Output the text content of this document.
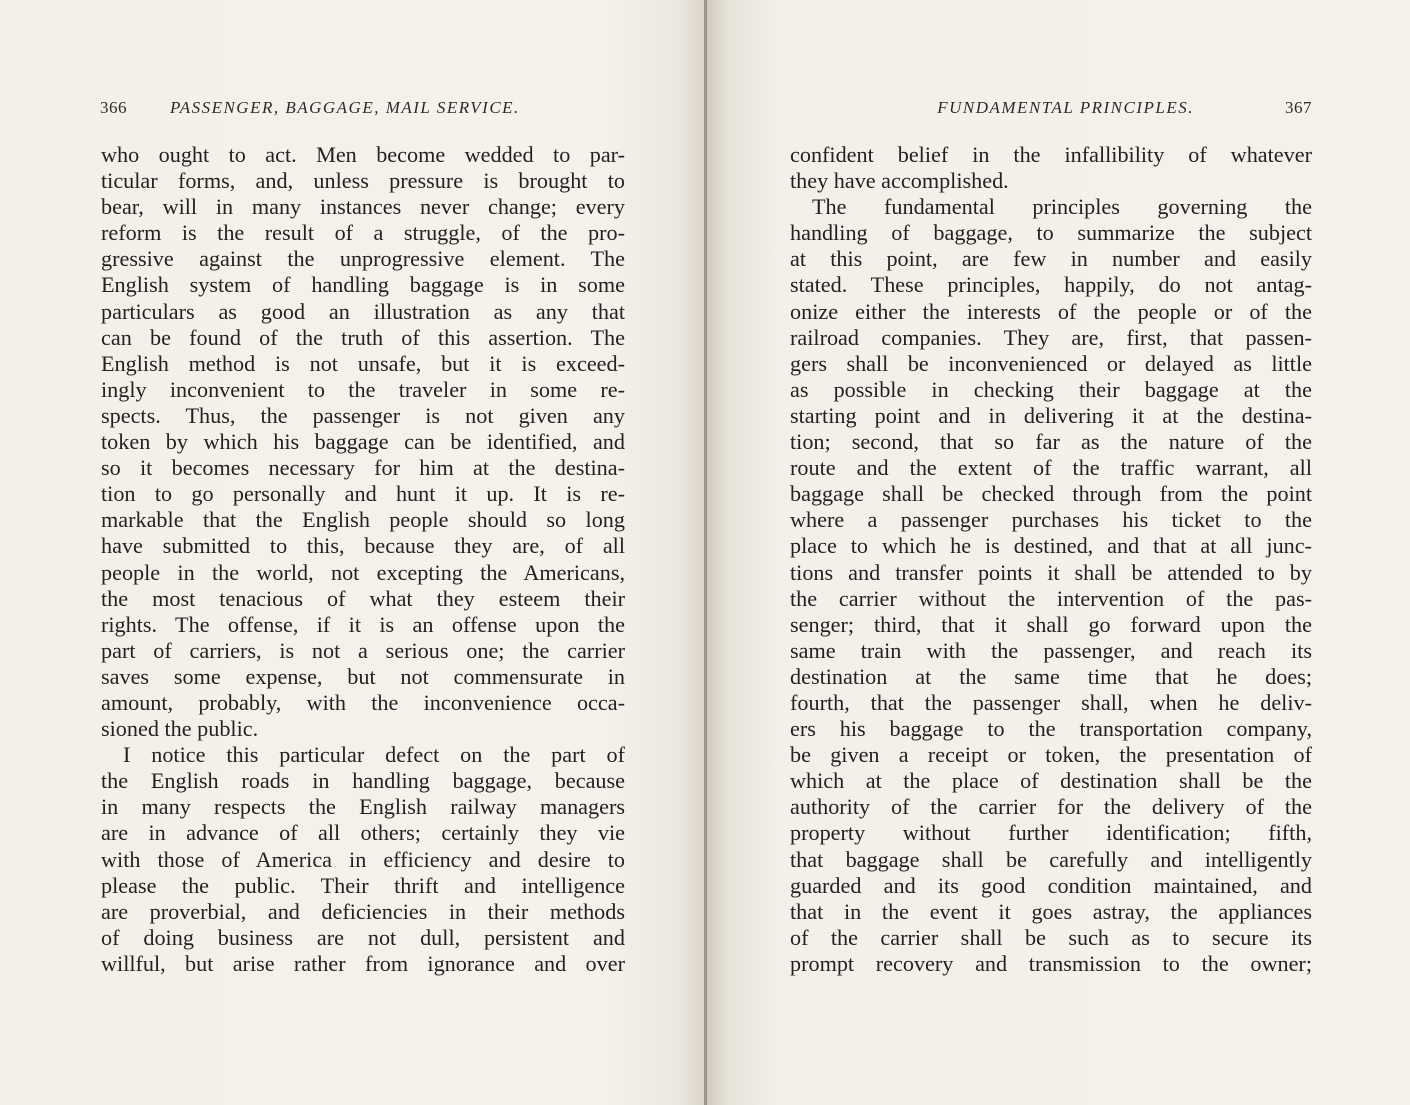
366	PASSENGER, BAGGAGE, MAIL SERVICE.
who ought to act. Men become wedded to par-
ticular forms, and, unless pressure is brought to
bear, will in many instances never change; every
reform is the result of a struggle, of the pro-
gressive against the unprogressive element. The
English system of handling baggage is in some
particulars as good an illustration as any that
can be found of the truth of this assertion. The
English method is not unsafe, but it is exceed-
ingly inconvenient to the traveler in some re-
spects. Thus, the passenger is not given any
token by which his baggage can be identified, and
so it becomes necessary for him at the destina-
tion to go personally and hunt it up. It is re-
markable that the English people should so long
have submitted to this, because they are, of all
people in the world, not excepting the Americans,
the most tenacious of what they esteem their
rights. The offense, if it is an offense upon the
part of carriers, is not a serious one; the carrier
saves some expense, but not commensurate in
amount, probably, with the inconvenience occa-
sioned the public.
I notice this particular defect on the part of
the English roads in handling baggage, because
in many respects the English railway managers
are in advance of all others; certainly they vie
with those of America in efficiency and desire to
please the public. Their thrift and intelligence
are proverbial, and deficiencies in their methods
of doing business are not dull, persistent and
willful, but arise rather from ignorance and over
FUNDAMENTAL PRINCIPLES.	367
confident belief in the infallibility of whatever
they have accomplished.
The fundamental principles governing the
handling of baggage, to summarize the subject
at this point, are few in number and easily
stated. These principles, happily, do not antag-
onize either the interests of the people or of the
railroad companies. They are, first, that passen-
gers shall be inconvenienced or delayed as little
as possible in checking their baggage at the
starting point and in delivering it at the destina-
tion; second, that so far as the nature of the
route and the extent of the traffic warrant, all
baggage shall be checked through from the point
where a passenger purchases his ticket to the
place to which he is destined, and that at all junc-
tions and transfer points it shall be attended to by
the carrier without the intervention of the pas-
senger; third, that it shall go forward upon the
same train with the passenger, and reach its
destination at the same time that he does;
fourth, that the passenger shall, when he deliv-
ers his baggage to the transportation company,
be given a receipt or token, the presentation of
which at the place of destination shall be the
authority of the carrier for the delivery of the
property without further identification; fifth,
that baggage shall be carefully and intelligently
guarded and its good condition maintained, and
that in the event it goes astray, the appliances
of the carrier shall be such as to secure its
prompt recovery and transmission to the owner;
